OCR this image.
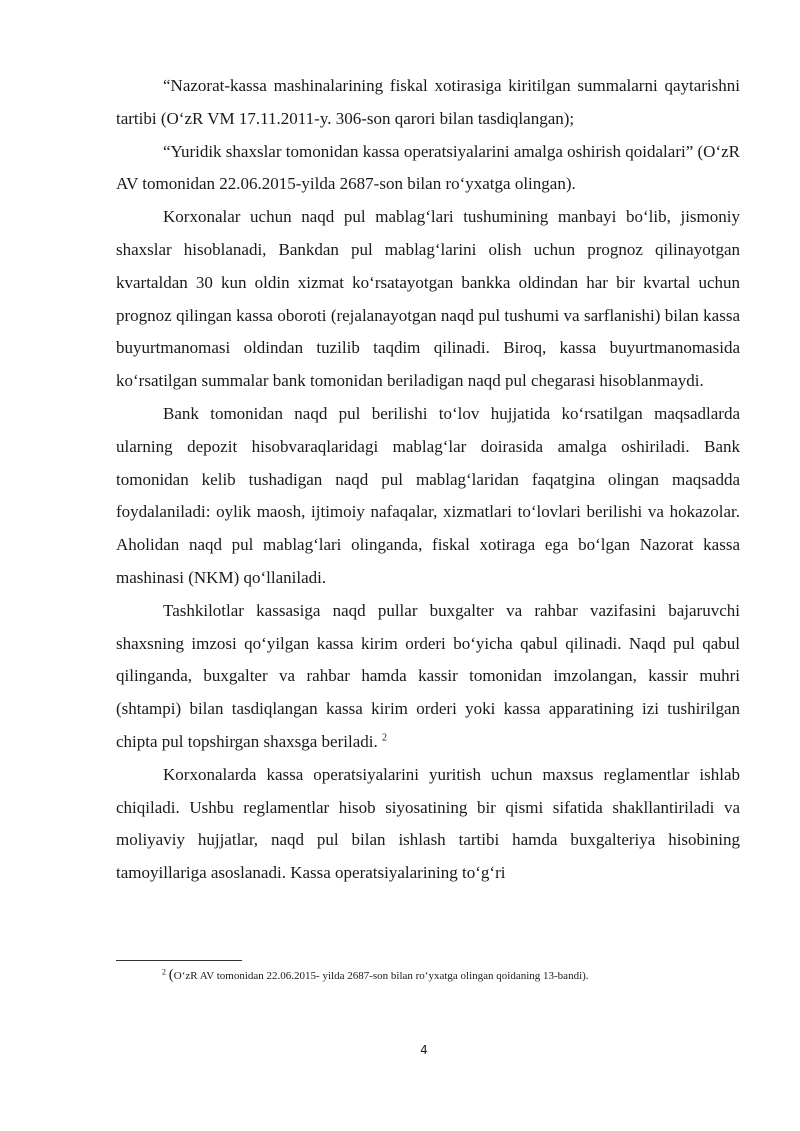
“Nazorat-kassa mashinalarining fiskal xotirasiga kiritilgan summalarni qaytarishni tartibi (O‘zR VM 17.11.2011-y. 306-son qarori bilan tasdiqlangan);

“Yuridik shaxslar tomonidan kassa operatsiyalarini amalga oshirish qoidalari” (O‘zR AV tomonidan 22.06.2015-yilda 2687-son bilan ro‘yxatga olingan).

Korxonalar uchun naqd pul mablag‘lari tushumining manbayi bo‘lib, jismoniy shaxslar hisoblanadi, Bankdan pul mablag‘larini olish uchun prognoz qilinayotgan kvartaldan 30 kun oldin xizmat ko‘rsatayotgan bankka oldindan har bir kvartal uchun prognoz qilingan kassa oboroti (rejalanayotgan naqd pul tushumi va sarflanishi) bilan kassa buyurtmanomasi oldindan tuzilib taqdim qilinadi. Biroq, kassa buyurtmanomasida ko‘rsatilgan summalar bank tomonidan beriladigan naqd pul chegarasi hisoblanmaydi.

Bank tomonidan naqd pul berilishi to‘lov hujjatida ko‘rsatilgan maqsadlarda ularning depozit hisobvaraqlaridagi mablag‘lar doirasida amalga oshiriladi. Bank tomonidan kelib tushadigan naqd pul mablag‘laridan faqatgina olingan maqsadda foydalaniladi: oylik maosh, ijtimoiy nafaqalar, xizmatlari to‘lovlari berilishi va hokazolar. Aholidan naqd pul mablag‘lari olinganda, fiskal xotiraga ega bo‘lgan Nazorat kassa mashinasi (NKM) qo‘llaniladi.

Tashkilotlar kassasiga naqd pullar buxgalter va rahbar vazifasini bajaruvchi shaxsning imzosi qo‘yilgan kassa kirim orderi bo‘yicha qabul qilinadi. Naqd pul qabul qilinganda, buxgalter va rahbar hamda kassir tomonidan imzolangan, kassir muhri (shtampi) bilan tasdiqlangan kassa kirim orderi yoki kassa apparatining izi tushirilgan chipta pul topshirgan shaxsga beriladi. $^2$

Korxonalarda kassa operatsiyalarini yuritish uchun maxsus reglamentlar ishlab chiqiladi. Ushbu reglamentlar hisob siyosatining bir qismi sifatida shakllantiriladi va moliyaviy hujjatlar, naqd pul bilan ishlash tartibi hamda buxgalteriya hisobining tamoyillariga asoslanadi. Kassa operatsiyalarining to‘g‘ri

$^2$ (O‘zR AV tomonidan 22.06.2015- yilda 2687-son bilan ro‘yxatga olingan qoidaning 13-bandi).
4
